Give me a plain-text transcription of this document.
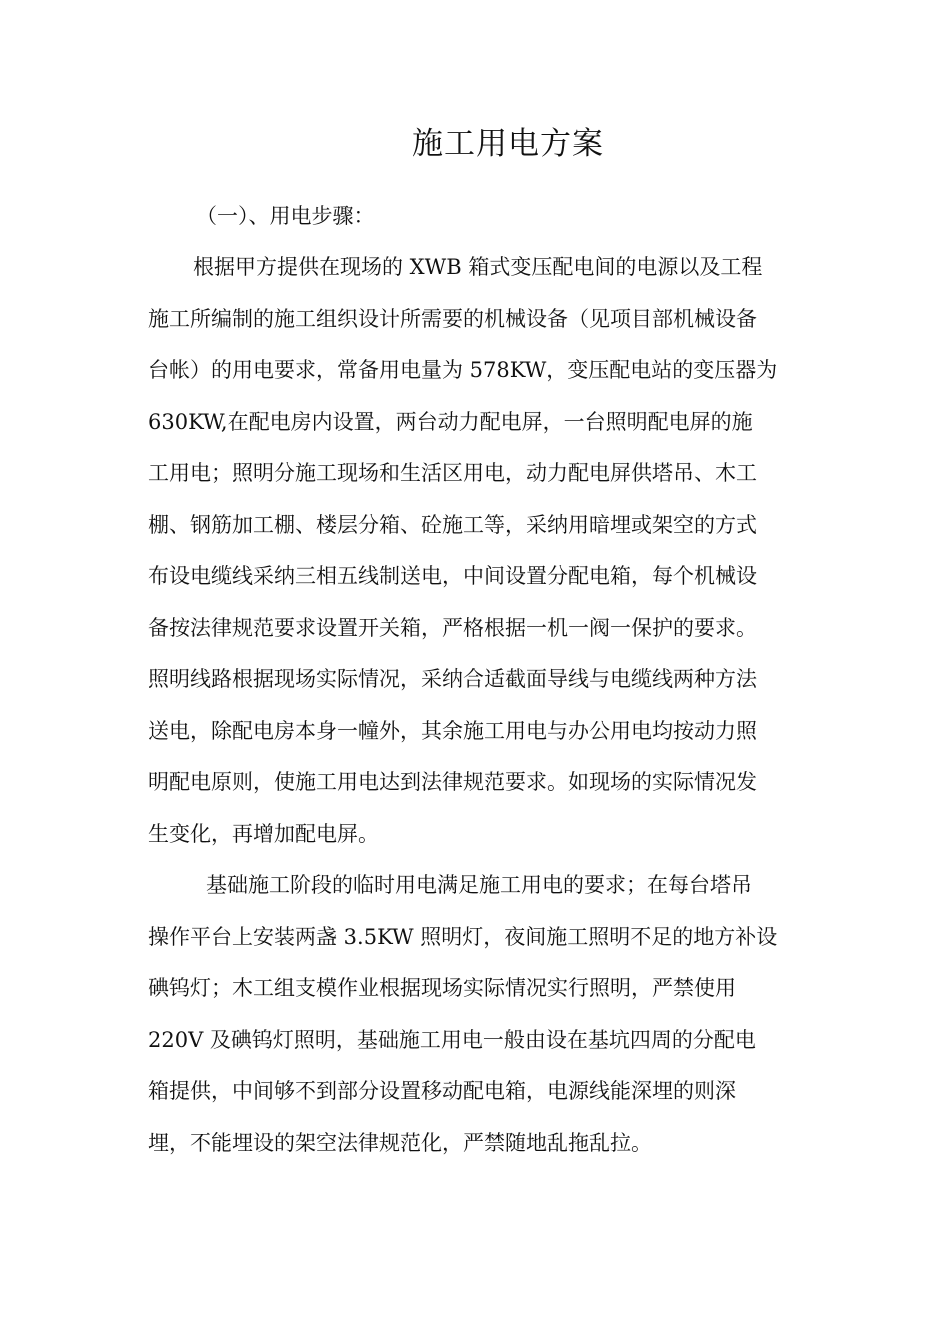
施工用电方案

（一）、用电步骤：

根据甲方提供在现场的 XWB 箱式变压配电间的电源以及工程

施工所编制的施工组织设计所需要的机械设备（见项目部机械设备

台帐）的用电要求，常备用电量为 578KW，变压配电站的变压器为

630KW,在配电房内设置，两台动力配电屏，一台照明配电屏的施

工用电；照明分施工现场和生活区用电，动力配电屏供塔吊、木工

棚、钢筋加工棚、楼层分箱、砼施工等，采纳用暗埋或架空的方式

布设电缆线采纳三相五线制送电，中间设置分配电箱，每个机械设

备按法律规范要求设置开关箱，严格根据一机一阀一保护的要求。

照明线路根据现场实际情况，采纳合适截面导线与电缆线两种方法

送电，除配电房本身一幢外，其余施工用电与办公用电均按动力照

明配电原则，使施工用电达到法律规范要求。如现场的实际情况发

生变化，再增加配电屏。

基础施工阶段的临时用电满足施工用电的要求；在每台塔吊

操作平台上安装两盏 3.5KW 照明灯，夜间施工照明不足的地方补设

碘钨灯；木工组支模作业根据现场实际情况实行照明，严禁使用

220V 及碘钨灯照明，基础施工用电一般由设在基坑四周的分配电

箱提供，中间够不到部分设置移动配电箱，电源线能深埋的则深

埋，不能埋设的架空法律规范化，严禁随地乱拖乱拉。
